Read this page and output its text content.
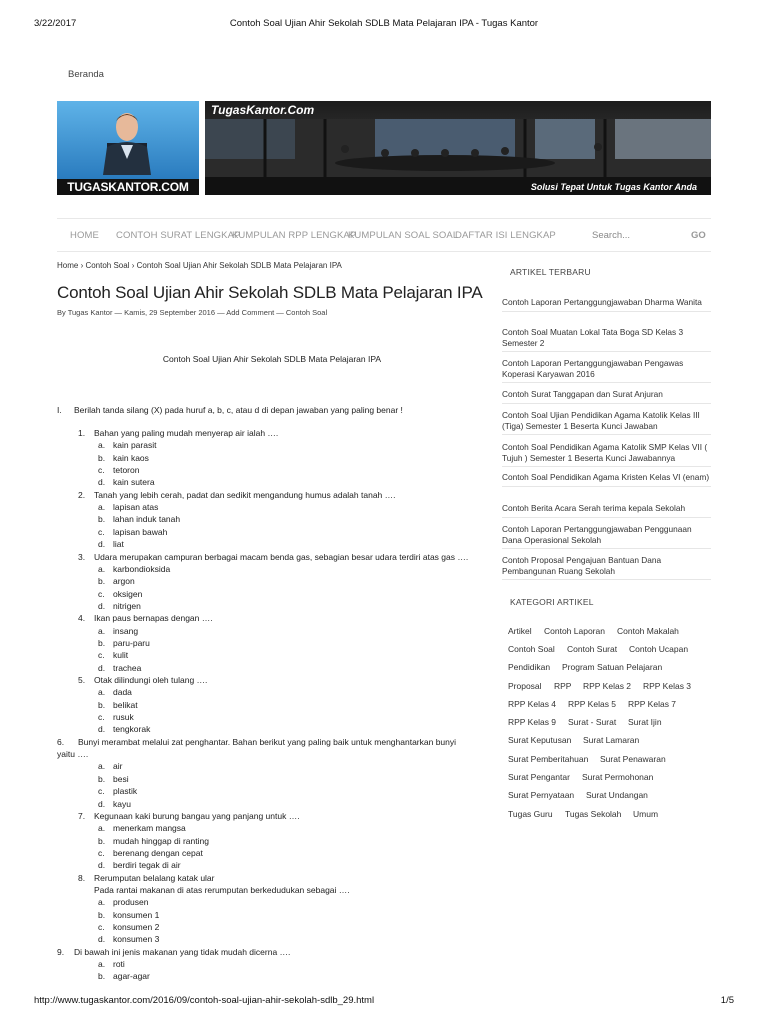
3/22/2017	Contoh Soal Ujian Ahir Sekolah SDLB Mata Pelajaran IPA - Tugas Kantor
Beranda
TUGASKANTOR.COM
TugasKantor.Com
Solusi Tepat Untuk Tugas Kantor Anda
HOME CONTOH SURAT LENGKAP
KUMPULAN RPP LENGKAP
KUMPULAN SOAL SOAL
DAFTAR ISI LENGKAP	Search...	GO
Home › Contoh Soal › Contoh Soal Ujian Ahir Sekolah SDLB Mata Pelajaran IPA
Contoh Soal Ujian Ahir Sekolah SDLB Mata Pelajaran IPA
By Tugas Kantor — Kamis, 29 September 2016 — Add Comment — Contoh Soal
Contoh Soal Ujian Ahir Sekolah SDLB Mata Pelajaran IPA
I. Berilah tanda silang (X) pada huruf a, b, c, atau d di depan jawaban yang paling benar !
1. Bahan yang paling mudah menyerap air ialah ….
a. kain parasit
b. kain kaos
c. tetoron
d. kain sutera
2. Tanah yang lebih cerah, padat dan sedikit mengandung humus adalah tanah ….
a. lapisan atas
b. lahan induk tanah
c. lapisan bawah
d. liat
3. Udara merupakan campuran berbagai macam benda gas, sebagian besar udara terdiri atas gas ….
a. karbondioksida
b. argon
c. oksigen
d. nitrigen
4. Ikan paus bernapas dengan ….
a. insang
b. paru-paru
c. kulit
d. trachea
5. Otak dilindungi oleh tulang ….
a. dada
b. belikat
c. rusuk
d. tengkorak
6. Bunyi merambat melalui zat penghantar. Bahan berikut yang paling baik untuk menghantarkan bunyi
yaitu ….
a. air
b. besi
c. plastik
d. kayu
7. Kegunaan kaki burung bangau yang panjang untuk ….
a. menerkam mangsa
b. mudah hinggap di ranting
c. berenang dengan cepat
d. berdiri tegak di air
8. Rerumputan belalang katak ular
Pada rantai makanan di atas rerumputan berkedudukan sebagai ….
a. produsen
b. konsumen 1
c. konsumen 2
d. konsumen 3
9. Di bawah ini jenis makanan yang tidak mudah dicerna ….
a. roti
b. agar-agar
ARTIKEL TERBARU
Contoh Laporan Pertanggungjawaban Dharma Wanita
Contoh Soal Muatan Lokal Tata Boga SD Kelas 3 Semester 2
Contoh Laporan Pertanggungjawaban Pengawas Koperasi Karyawan 2016
Contoh Surat Tanggapan dan Surat Anjuran
Contoh Soal Ujian Pendidikan Agama Katolik Kelas III (Tiga) Semester 1 Beserta Kunci Jawaban
Contoh Soal Pendidikan Agama Katolik SMP Kelas VII ( Tujuh ) Semester 1 Beserta Kunci Jawabannya
Contoh Soal Pendidikan Agama Kristen Kelas VI (enam)
Contoh Berita Acara Serah terima kepala Sekolah
Contoh Laporan Pertanggungjawaban Penggunaan Dana Operasional Sekolah
Contoh Proposal Pengajuan Bantuan Dana Pembangunan Ruang Sekolah
KATEGORI ARTIKEL
Artikel Contoh Laporan Contoh Makalah
Contoh Soal Contoh Surat Contoh Ucapan
Pendidikan Program Satuan Pelajaran
Proposal RPP RPP Kelas 2 RPP Kelas 3
RPP Kelas 4 RPP Kelas 5 RPP Kelas 7
RPP Kelas 9 Surat - Surat Surat Ijin
Surat Keputusan Surat Lamaran
Surat Pemberitahuan Surat Penawaran
Surat Pengantar Surat Permohonan
Surat Pernyataan Surat Undangan
Tugas Guru Tugas Sekolah Umum
http://www.tugaskantor.com/2016/09/contoh-soal-ujian-ahir-sekolah-sdlb_29.html	1/5
